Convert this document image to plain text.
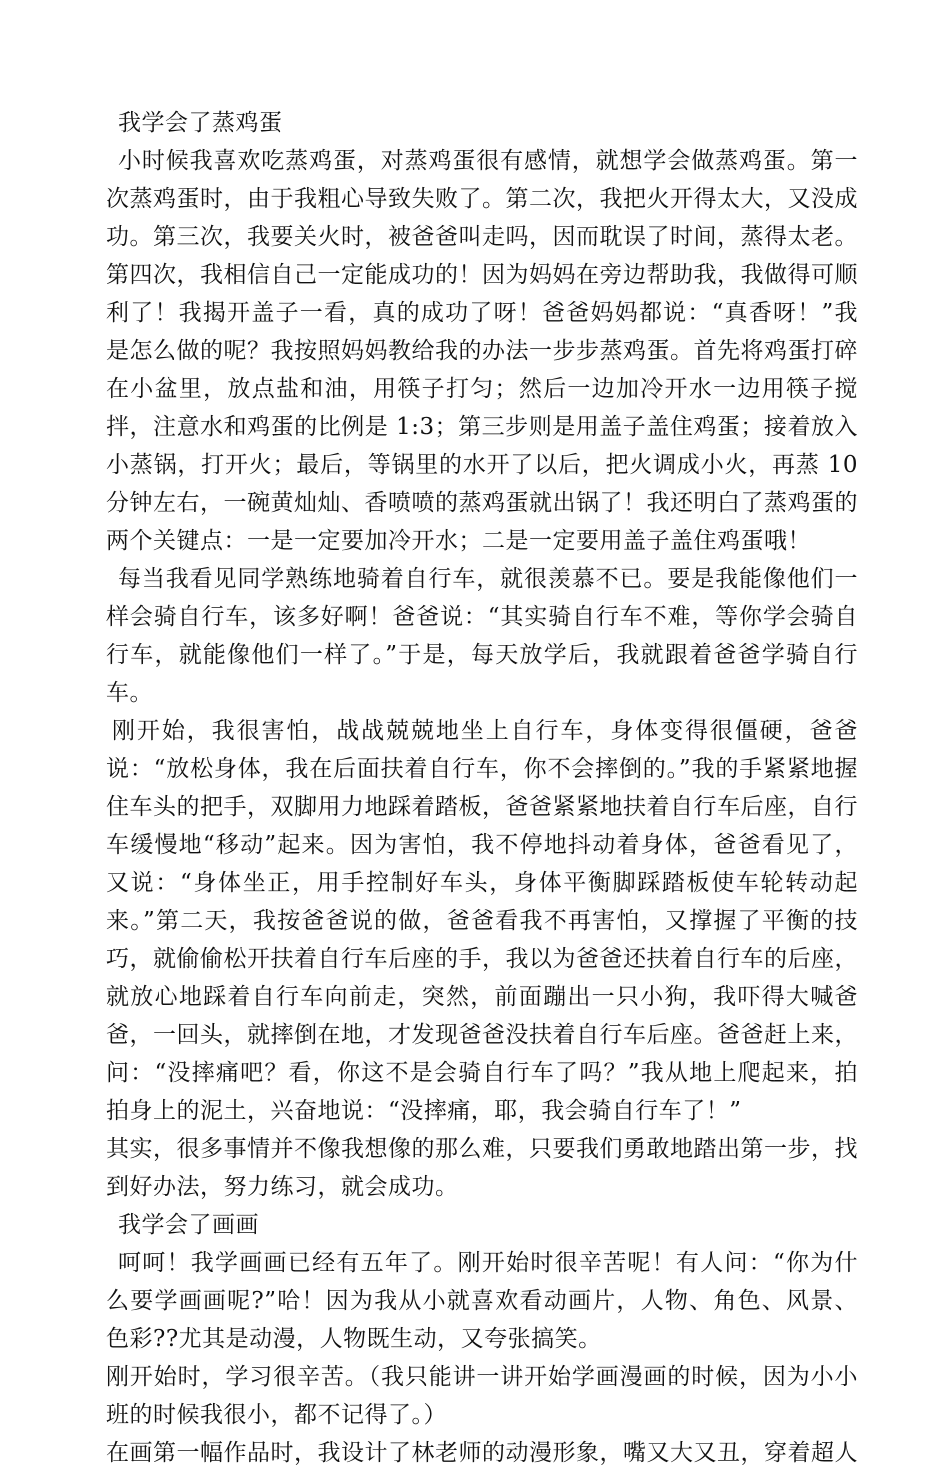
我学会了蒸鸡蛋

小时候我喜欢吃蒸鸡蛋，对蒸鸡蛋很有感情，就想学会做蒸鸡蛋。第一次蒸鸡蛋时，由于我粗心导致失败了。第二次，我把火开得太大，又没成功。第三次，我要关火时，被爸爸叫走吗，因而耽误了时间，蒸得太老。第四次，我相信自己一定能成功的！因为妈妈在旁边帮助我，我做得可顺利了！我揭开盖子一看，真的成功了呀！爸爸妈妈都说：“真香呀！”我是怎么做的呢？我按照妈妈教给我的办法一步步蒸鸡蛋。首先将鸡蛋打碎在小盆里，放点盐和油，用筷子打匀；然后一边加冷开水一边用筷子搅拌，注意水和鸡蛋的比例是 1:3；第三步则是用盖子盖住鸡蛋；接着放入小蒸锅，打开火；最后，等锅里的水开了以后，把火调成小火，再蒸 10 分钟左右，一碗黄灿灿、香喷喷的蒸鸡蛋就出锅了！我还明白了蒸鸡蛋的两个关键点：一是一定要加冷开水；二是一定要用盖子盖住鸡蛋哦！

每当我看见同学熟练地骑着自行车，就很羡慕不已。要是我能像他们一样会骑自行车，该多好啊！爸爸说：“其实骑自行车不难，等你学会骑自行车，就能像他们一样了。”于是，每天放学后，我就跟着爸爸学骑自行车。

刚开始，我很害怕，战战兢兢地坐上自行车，身体变得很僵硬，爸爸说：“放松身体，我在后面扶着自行车，你不会摔倒的。”我的手紧紧地握住车头的把手，双脚用力地踩着踏板，爸爸紧紧地扶着自行车后座，自行车缓慢地“移动”起来。因为害怕，我不停地抖动着身体，爸爸看见了，又说：“身体坐正，用手控制好车头，身体平衡脚踩踏板使车轮转动起来。”第二天，我按爸爸说的做，爸爸看我不再害怕，又撑握了平衡的技巧，就偷偷松开扶着自行车后座的手，我以为爸爸还扶着自行车的后座，就放心地踩着自行车向前走，突然，前面蹦出一只小狗，我吓得大喊爸爸，一回头，就摔倒在地，才发现爸爸没扶着自行车后座。爸爸赶上来，问：“没摔痛吧？看，你这不是会骑自行车了吗？”我从地上爬起来，拍拍身上的泥土，兴奋地说：“没摔痛，耶，我会骑自行车了！”

其实，很多事情并不像我想像的那么难，只要我们勇敢地踏出第一步，找到好办法，努力练习，就会成功。

我学会了画画

呵呵！我学画画已经有五年了。刚开始时很辛苦呢！有人问：“你为什么要学画画呢?”哈！因为我从小就喜欢看动画片，人物、角色、风景、色彩??尤其是动漫，人物既生动，又夸张搞笑。

刚开始时，学习很辛苦。（我只能讲一讲开始学画漫画的时候，因为小小班的时候我很小，都不记得了。）

在画第一幅作品时，我设计了林老师的动漫形象，嘴又大又丑，穿着超人
